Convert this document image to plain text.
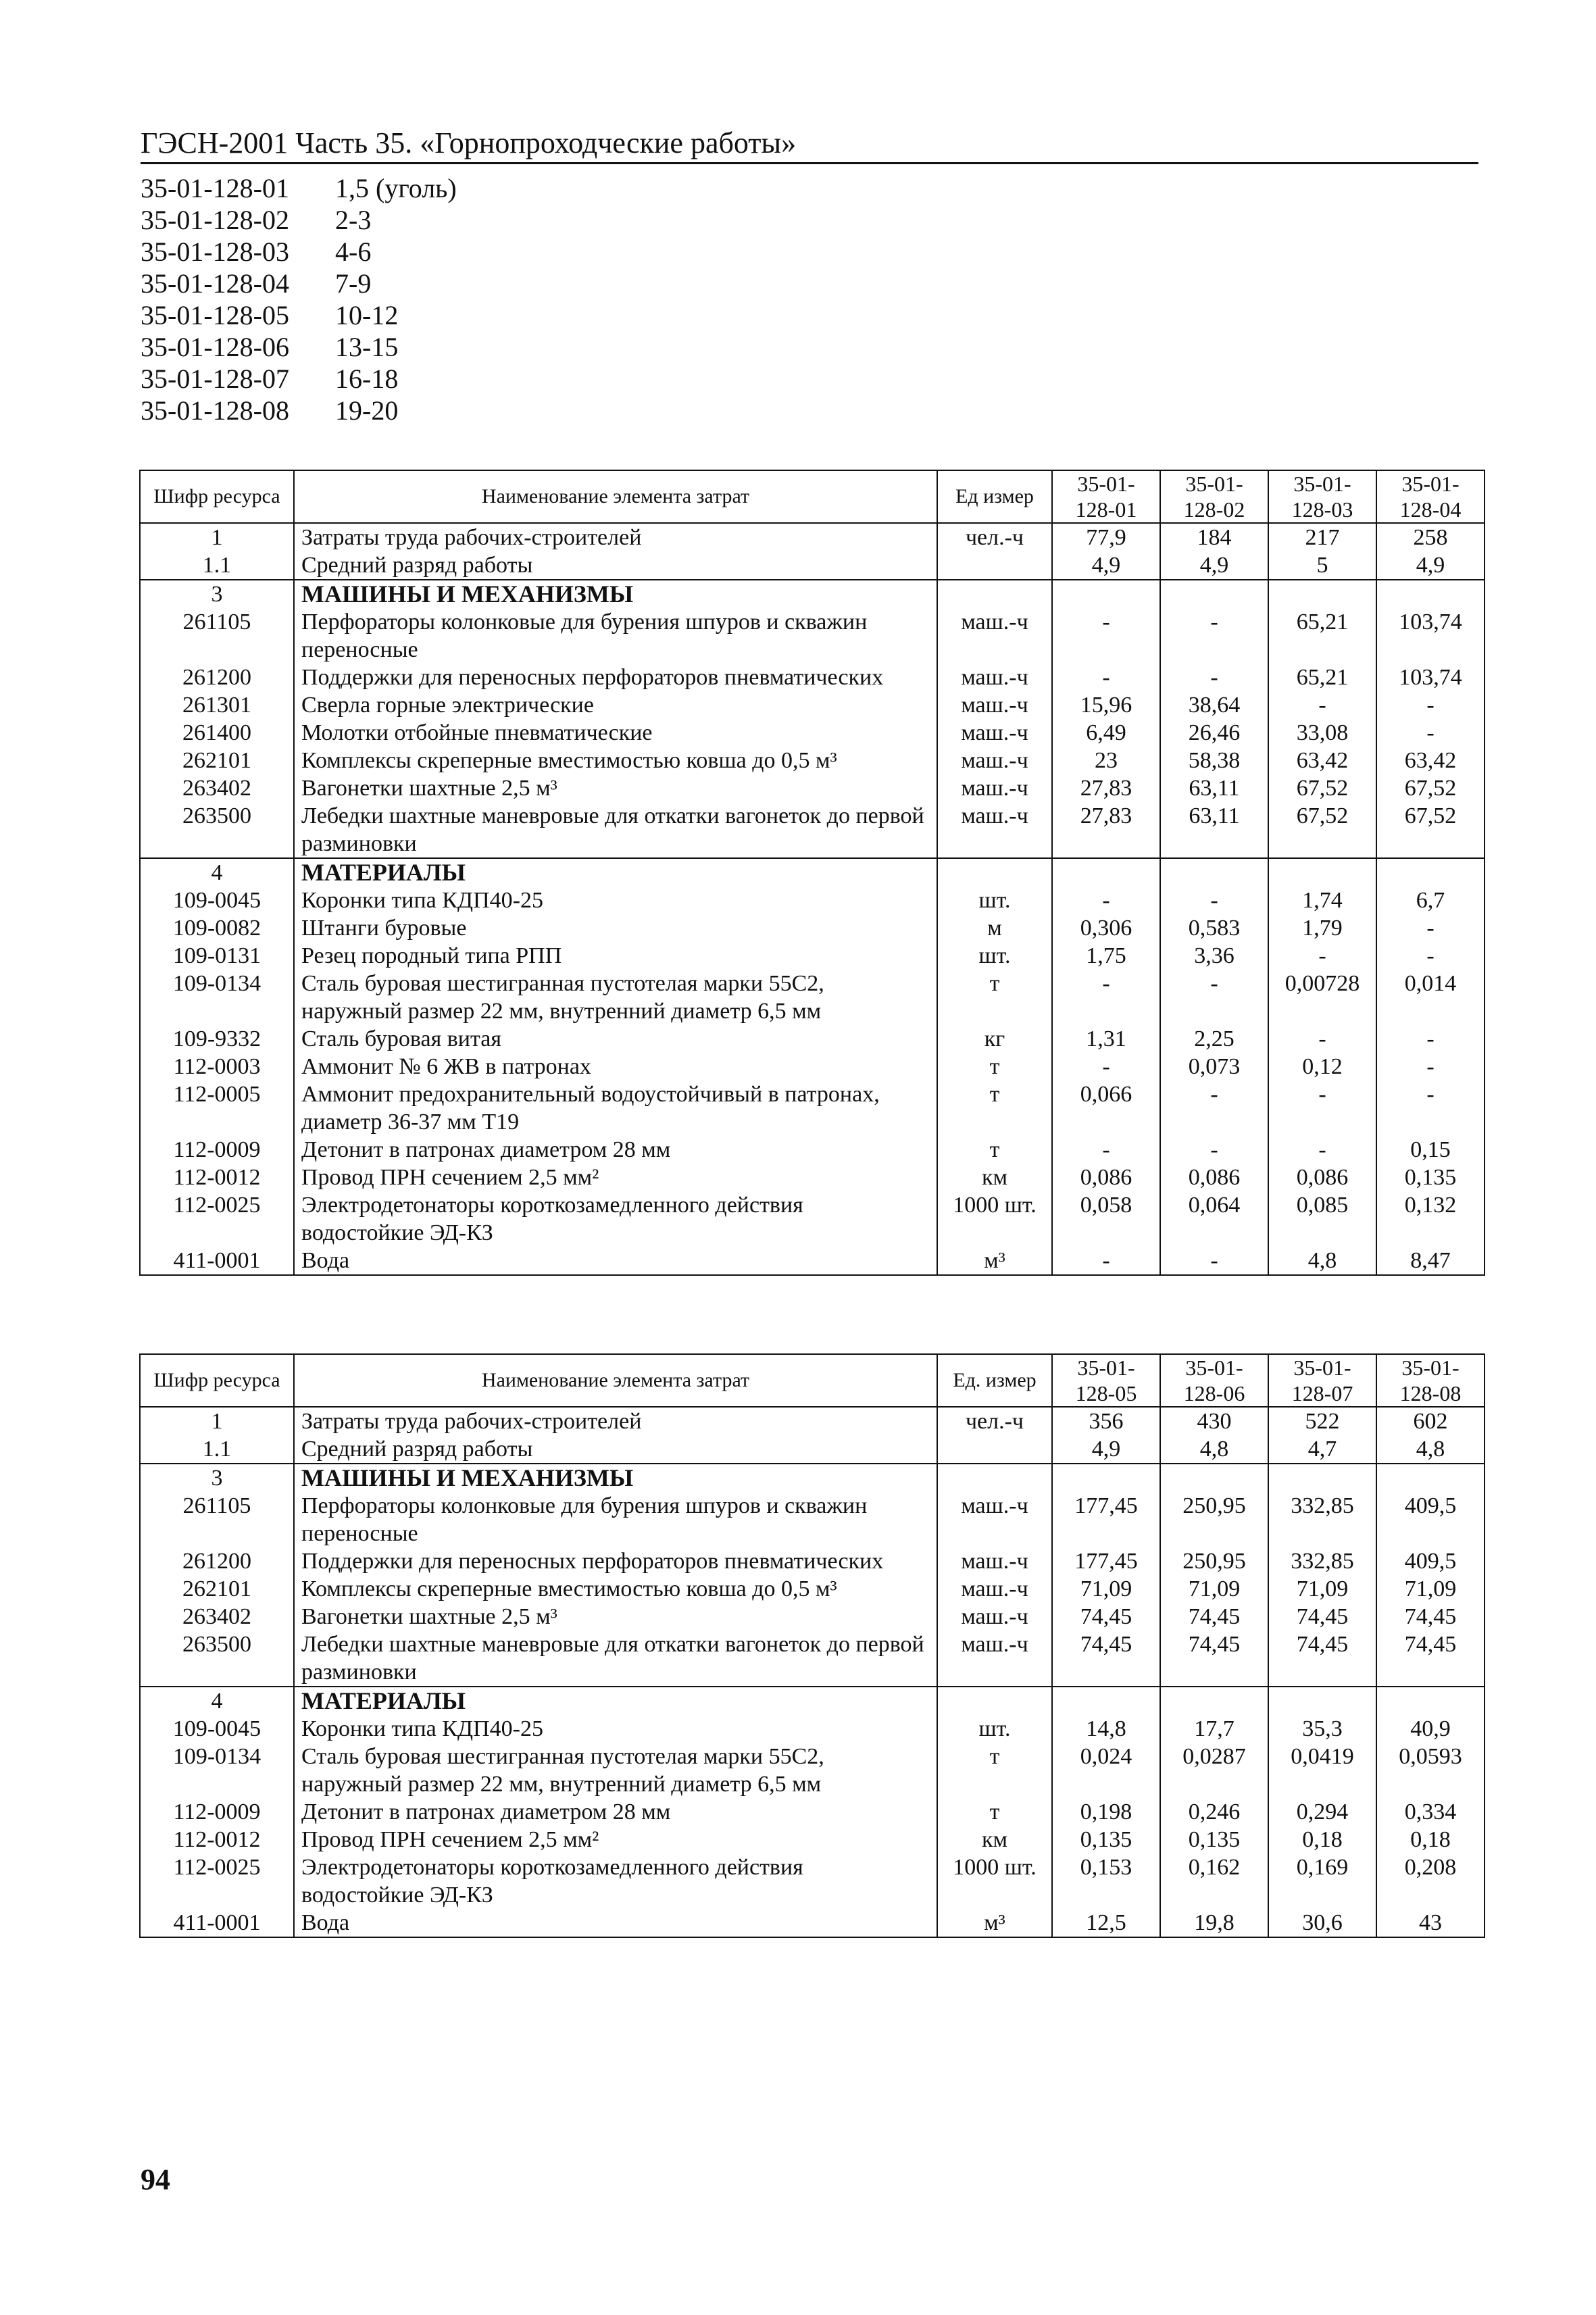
ГЭСН-2001 Часть 35. «Горнопроходческие работы»
35-01-128-01 1,5 (уголь)
35-01-128-02 2-3
35-01-128-03 4-6
35-01-128-04 7-9
35-01-128-05 10-12
35-01-128-06 13-15
35-01-128-07 16-18
35-01-128-08 19-20
Шифр ресурса	Наименование элемента затрат	Ед измер	35-01-128-01	35-01-128-02	35-01-128-03	35-01-128-04
1	Затраты труда рабочих-строителей	чел.-ч	77,9	184	217	258
1.1	Средний разряд работы		4,9	4,9	5	4,9
3	МАШИНЫ И МЕХАНИЗМЫ					
261105	Перфораторы колонковые для бурения шпуров и скважин переносные	маш.-ч	-	-	65,21	103,74
261200	Поддержки для переносных перфораторов пневматических	маш.-ч	-	-	65,21	103,74
261301	Сверла горные электрические	маш.-ч	15,96	38,64	-	-
261400	Молотки отбойные пневматические	маш.-ч	6,49	26,46	33,08	-
262101	Комплексы скреперные вместимостью ковша до 0,5 м³	маш.-ч	23	58,38	63,42	63,42
263402	Вагонетки шахтные 2,5 м³	маш.-ч	27,83	63,11	67,52	67,52
263500	Лебедки шахтные маневровые для откатки вагонеток до первой разминовки	маш.-ч	27,83	63,11	67,52	67,52
4	МАТЕРИАЛЫ					
109-0045	Коронки типа КДП40-25	шт.	-	-	1,74	6,7
109-0082	Штанги буровые	м	0,306	0,583	1,79	-
109-0131	Резец породный типа РПП	шт.	1,75	3,36	-	-
109-0134	Сталь буровая шестигранная пустотелая марки 55С2, наружный размер 22 мм, внутренний диаметр 6,5 мм	т	-	-	0,00728	0,014
109-9332	Сталь буровая витая	кг	1,31	2,25	-	-
112-0003	Аммонит № 6 ЖВ в патронах	т	-	0,073	0,12	-
112-0005	Аммонит предохранительный водоустойчивый в патронах, диаметр 36-37 мм Т19	т	0,066	-	-	-
112-0009	Детонит в патронах диаметром 28 мм	т	-	-	-	0,15
112-0012	Провод ПРН сечением 2,5 мм²	км	0,086	0,086	0,086	0,135
112-0025	Электродетонаторы короткозамедленного действия водостойкие ЭД-КЗ	1000 шт.	0,058	0,064	0,085	0,132
411-0001	Вода	м³	-	-	4,8	8,47
Шифр ресурса	Наименование элемента затрат	Ед. измер	35-01-128-05	35-01-128-06	35-01-128-07	35-01-128-08
1	Затраты труда рабочих-строителей	чел.-ч	356	430	522	602
1.1	Средний разряд работы		4,9	4,8	4,7	4,8
3	МАШИНЫ И МЕХАНИЗМЫ					
261105	Перфораторы колонковые для бурения шпуров и скважин переносные	маш.-ч	177,45	250,95	332,85	409,5
261200	Поддержки для переносных перфораторов пневматических	маш.-ч	177,45	250,95	332,85	409,5
262101	Комплексы скреперные вместимостью ковша до 0,5 м³	маш.-ч	71,09	71,09	71,09	71,09
263402	Вагонетки шахтные 2,5 м³	маш.-ч	74,45	74,45	74,45	74,45
263500	Лебедки шахтные маневровые для откатки вагонеток до первой разминовки	маш.-ч	74,45	74,45	74,45	74,45
4	МАТЕРИАЛЫ					
109-0045	Коронки типа КДП40-25	шт.	14,8	17,7	35,3	40,9
109-0134	Сталь буровая шестигранная пустотелая марки 55С2, наружный размер 22 мм, внутренний диаметр 6,5 мм	т	0,024	0,0287	0,0419	0,0593
112-0009	Детонит в патронах диаметром 28 мм	т	0,198	0,246	0,294	0,334
112-0012	Провод ПРН сечением 2,5 мм²	км	0,135	0,135	0,18	0,18
112-0025	Электродетонаторы короткозамедленного действия водостойкие ЭД-КЗ	1000 шт.	0,153	0,162	0,169	0,208
411-0001	Вода	м³	12,5	19,8	30,6	43
94
